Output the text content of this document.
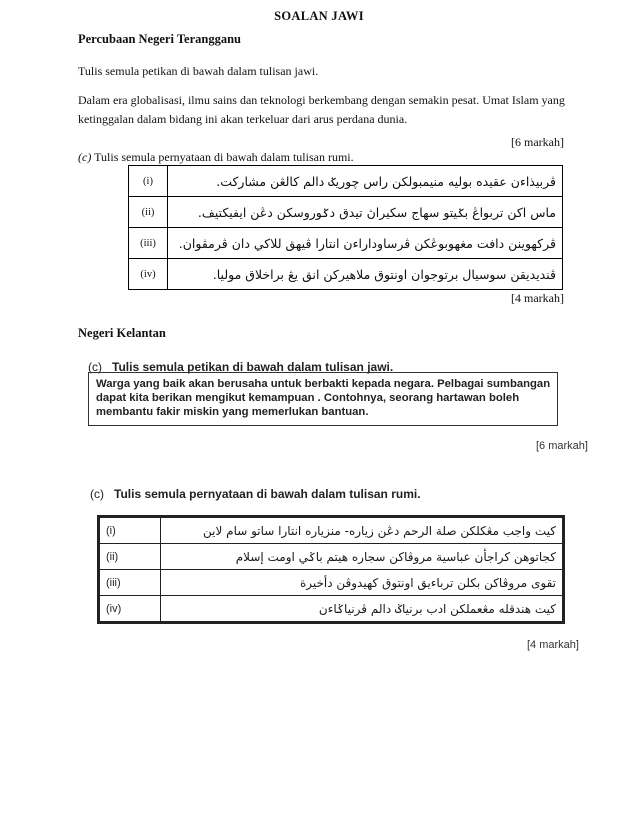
SOALAN JAWI
Percubaan Negeri Terangganu
Tulis semula petikan di bawah dalam tulisan jawi.
Dalam era globalisasi, ilmu sains dan teknologi berkembang dengan semakin pesat. Umat Islam yang ketinggalan dalam bidang ini akan terkeluar dari arus perdana dunia.
[6 markah]
(c) Tulis semula pernyataan di bawah dalam tulisan rumi.
(i)	ڤربيذاءن عقيده بوليه منيمبولكن راس چوريݢ دالم كالڠن مشاركت.
(ii)	ماس اكن تربواڠ بݢيتو سهاج سكيراڽ تيدق دݢوروسكن دڠن ايفيكتيف.
(iii)	ڤركهوينن دافت مغهوبوڠكن ڤرساوداراءن انتارا ڤيهق للاكي دان ڤرمڤوان.
(iv)	ڤنديديقن سوسيال برتوجوان اونتوق ملاهيركن انق يڠ براخلاق موليا.
[4 markah]
Negeri Kelantan
(c) Tulis semula petikan di bawah dalam tulisan jawi.

Warga yang baik akan berusaha untuk berbakti kepada negara. Pelbagai sumbangan dapat kita berikan mengikut kemampuan . Contohnya, seorang hartawan boleh membantu fakir miskin yang memerlukan bantuan.

[6 markah]
(c) Tulis semula pernyataan di bawah dalam tulisan rumi.
(i)	كيت واجب مڠكلكن صلة الرحم دڠن زياره- منزياره انتارا ساتو سام لاين
(ii)	كجاتوهن كراجأن عباسية مروڤاكن سجاره هيتم باݢي اومت إسلام
(iii)	تقوى مروڤاكن بكلن ترباءيق اونتوق كهيدوڤن دأخيرة
(iv)	كيت هندقله مڠعملكن ادب برنياݢ دالم ڤرنياݢاءن
[4 markah]
